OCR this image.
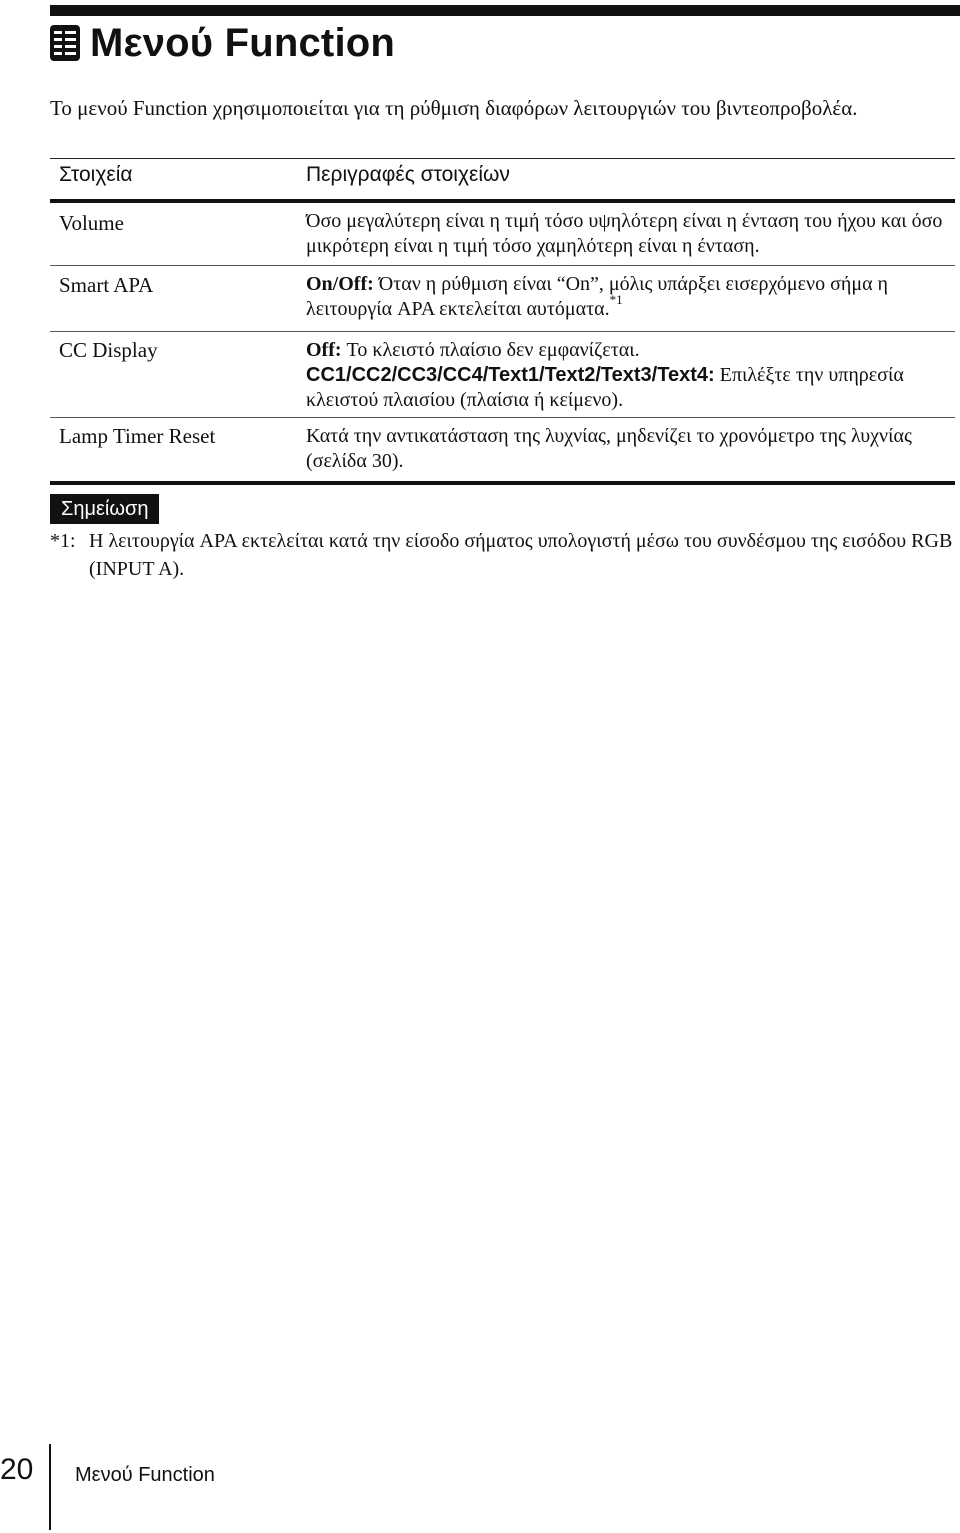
Μενού Function
Το μενού Function χρησιμοποιείται για τη ρύθμιση διαφόρων λειτουργιών του βιντεοπροβολέα.
Στοιχεία	Περιγραφές στοιχείων
Volume	Όσο μεγαλύτερη είναι η τιμή τόσο υψηλότερη είναι η ένταση του ήχου και όσο μικρότερη είναι η τιμή τόσο χαμηλότερη είναι η ένταση.
Smart APA	On/Off: Όταν η ρύθμιση είναι “On”, μόλις υπάρξει εισερχόμενο σήμα η λειτουργία APA εκτελείται αυτόματα.$^{*1}$
CC Display	Off: Το κλειστό πλαίσιο δεν εμφανίζεται.
CC1/CC2/CC3/CC4/Text1/Text2/Text3/Text4: Επιλέξτε την υπηρεσία κλειστού πλαισίου (πλαίσια ή κείμενο).
Lamp Timer Reset	Κατά την αντικατάσταση της λυχνίας, μηδενίζει το χρονόμετρο της λυχνίας (σελίδα 30).
Σημείωση
*1: Η λειτουργία APA εκτελείται κατά την είσοδο σήματος υπολογιστή μέσω του συνδέσμου της εισόδου RGB (INPUT A).
20 Μενού Function
